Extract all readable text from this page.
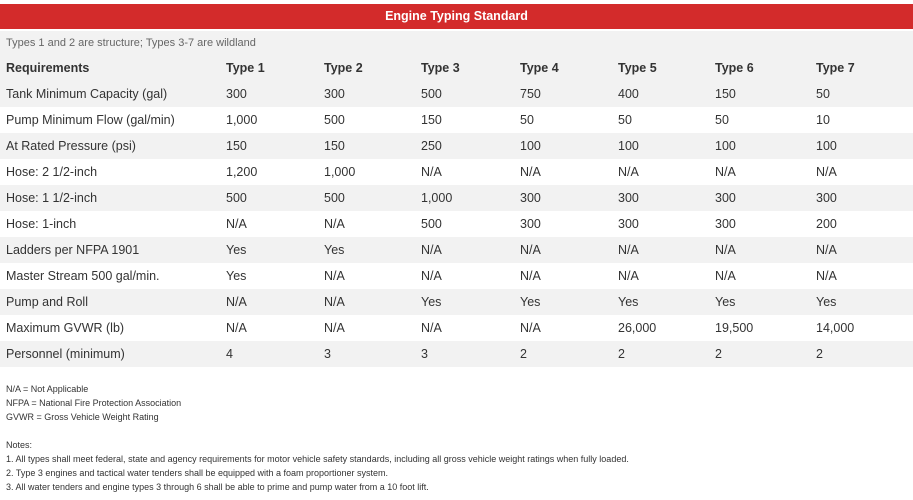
Engine Typing Standard
Types 1 and 2 are structure; Types 3-7 are wildland
Requirements	Type 1	Type 2	Type 3	Type 4	Type 5	Type 6	Type 7
Tank Minimum Capacity (gal)	300	300	500	750	400	150	50
Pump Minimum Flow (gal/min)	1,000	500	150	50	50	50	10
At Rated Pressure (psi)	150	150	250	100	100	100	100
Hose: 2 1/2-inch	1,200	1,000	N/A	N/A	N/A	N/A	N/A
Hose: 1 1/2-inch	500	500	1,000	300	300	300	300
Hose: 1-inch	N/A	N/A	500	300	300	300	200
Ladders per NFPA 1901	Yes	Yes	N/A	N/A	N/A	N/A	N/A
Master Stream 500 gal/min.	Yes	N/A	N/A	N/A	N/A	N/A	N/A
Pump and Roll	N/A	N/A	Yes	Yes	Yes	Yes	Yes
Maximum GVWR (lb)	N/A	N/A	N/A	N/A	26,000	19,500	14,000
Personnel (minimum)	4	3	3	2	2	2	2
N/A = Not Applicable
NFPA = National Fire Protection Association
GVWR = Gross Vehicle Weight Rating
Notes:
1. All types shall meet federal, state and agency requirements for motor vehicle safety standards, including all gross vehicle weight ratings when fully loaded.
2. Type 3 engines and tactical water tenders shall be equipped with a foam proportioner system.
3. All water tenders and engine types 3 through 6 shall be able to prime and pump water from a 10 foot lift.
